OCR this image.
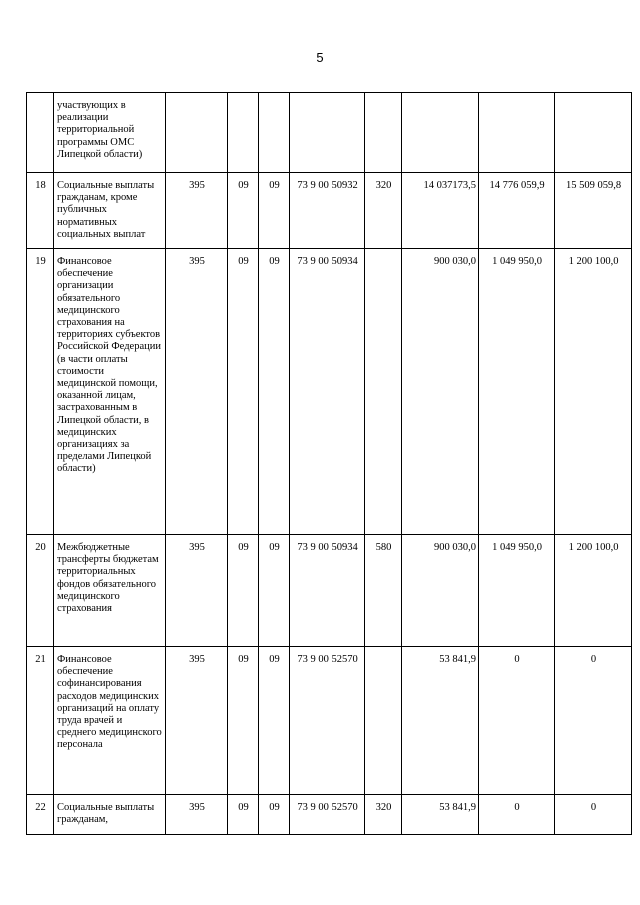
5
	участвующих в реализации территориальной программы ОМС Липецкой области)								
18	Социальные выплаты гражданам, кроме публичных нормативных социальных выплат	395	09	09	73 9 00 50932	320	14 037173,5	14 776 059,9	15 509 059,8
19	Финансовое обеспечение организации обязательного медицинского страхования на территориях субъектов Российской Федерации (в части оплаты стоимости медицинской помощи, оказанной лицам, застрахованным в Липецкой области, в медицинских организациях за пределами Липецкой области)	395	09	09	73 9 00 50934		900 030,0	1 049 950,0	1 200 100,0
20	Межбюджетные трансферты бюджетам территориальных фондов обязательного медицинского страхования	395	09	09	73 9 00 50934	580	900 030,0	1 049 950,0	1 200 100,0
21	Финансовое обеспечение софинансирования расходов медицинских организаций на оплату труда врачей и среднего медицинского персонала	395	09	09	73 9 00 52570		53 841,9	0	0
22	Социальные выплаты гражданам,	395	09	09	73 9 00 52570	320	53 841,9	0	0
